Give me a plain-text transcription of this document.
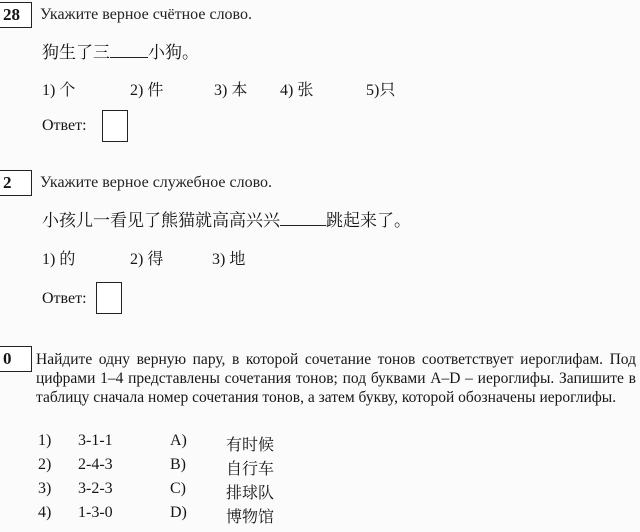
28	Укажите верное счётное слово.
狗生了三 小狗。
1) 个	2) 件	3) 本 4) 张	5)只
Ответ:
2	Укажите верное служебное слово.
小孩儿一看见了熊猫就高高兴兴	跳起来了。
1) 的	2) 得	3) 地
Ответ:
0	Найдите одну верную пару, в которой сочетание тонов соответствует иероглифам. Под цифрами 1–4 представлены сочетания тонов; под буквами A–D – иероглифы. Запишите в таблицу сначала номер сочетания тонов, а затем букву, которой обозначены иероглифы.
1) 3-1-1	A) 有时候
2) 2-4-3	B)	自行车
3) 3-2-3	C)	排球队
4) 1-3-0	D) 博物馆
